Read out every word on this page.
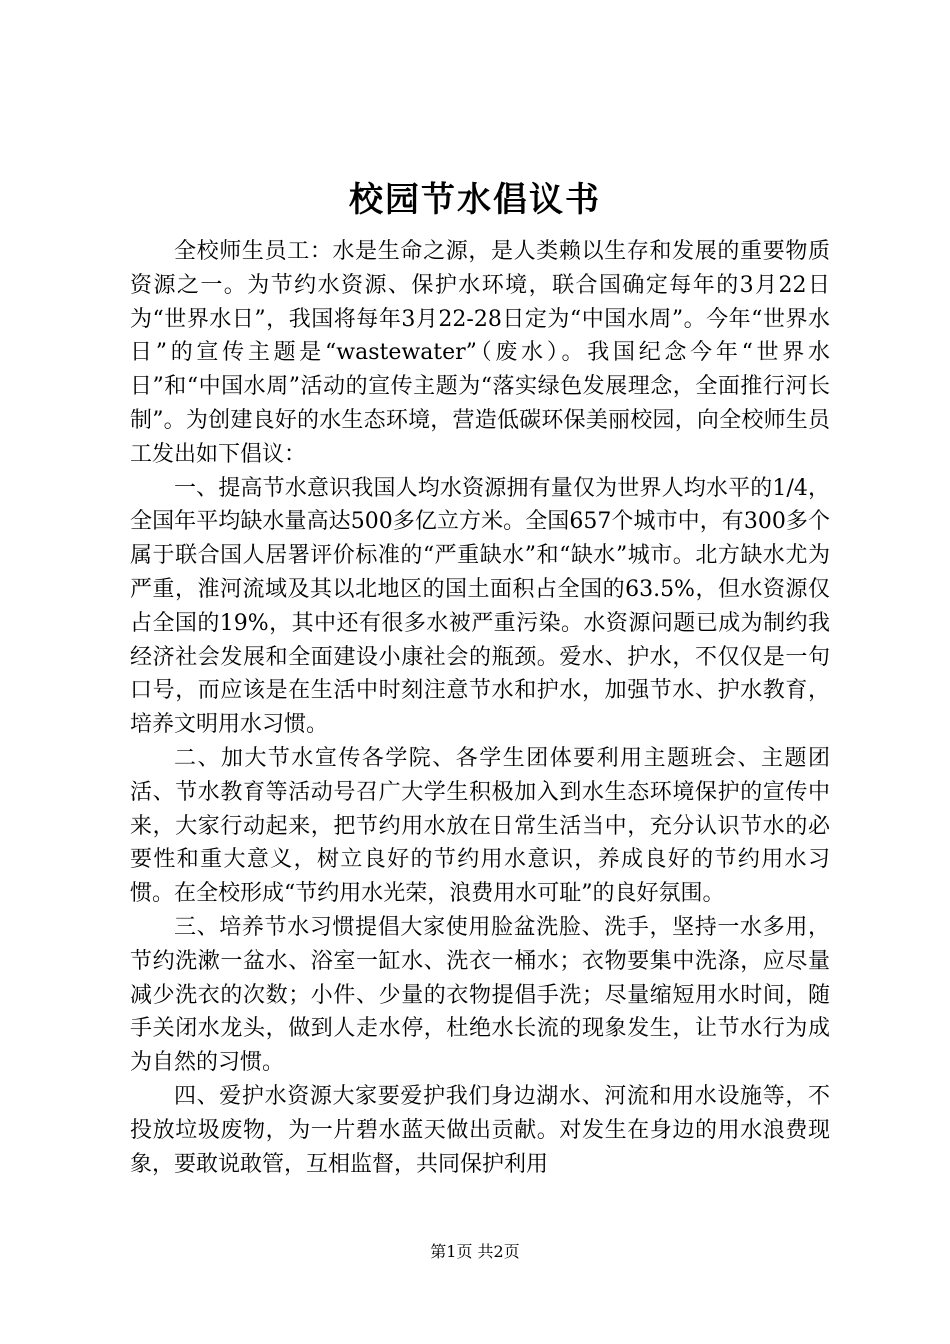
校园节水倡议书

全校师生员工：水是生命之源，是人类赖以生存和发展的重要物质资源之一。为节约水资源、保护水环境，联合国确定每年的3月22日为“世界水日”，我国将每年3月22-28日定为“中国水周”。今年“世界水日”的宣传主题是“wastewater”（废水）。我国纪念今年“世界水日”和“中国水周”活动的宣传主题为“落实绿色发展理念，全面推行河长制”。为创建良好的水生态环境，营造低碳环保美丽校园，向全校师生员工发出如下倡议：

一、提高节水意识我国人均水资源拥有量仅为世界人均水平的1/4，全国年平均缺水量高达500多亿立方米。全国657个城市中，有300多个属于联合国人居署评价标准的“严重缺水”和“缺水”城市。北方缺水尤为严重，淮河流域及其以北地区的国土面积占全国的63.5%，但水资源仅占全国的19%，其中还有很多水被严重污染。水资源问题已成为制约我经济社会发展和全面建设小康社会的瓶颈。爱水、护水，不仅仅是一句口号，而应该是在生活中时刻注意节水和护水，加强节水、护水教育，培养文明用水习惯。

二、加大节水宣传各学院、各学生团体要利用主题班会、主题团活、节水教育等活动号召广大学生积极加入到水生态环境保护的宣传中来，大家行动起来，把节约用水放在日常生活当中，充分认识节水的必要性和重大意义，树立良好的节约用水意识，养成良好的节约用水习惯。在全校形成“节约用水光荣，浪费用水可耻”的良好氛围。

三、培养节水习惯提倡大家使用脸盆洗脸、洗手，坚持一水多用，节约洗漱一盆水、浴室一缸水、洗衣一桶水；衣物要集中洗涤，应尽量减少洗衣的次数；小件、少量的衣物提倡手洗；尽量缩短用水时间，随手关闭水龙头，做到人走水停，杜绝水长流的现象发生，让节水行为成为自然的习惯。

四、爱护水资源大家要爱护我们身边湖水、河流和用水设施等，不投放垃圾废物，为一片碧水蓝天做出贡献。对发生在身边的用水浪费现象，要敢说敢管，互相监督，共同保护利用

第1页 共2页
